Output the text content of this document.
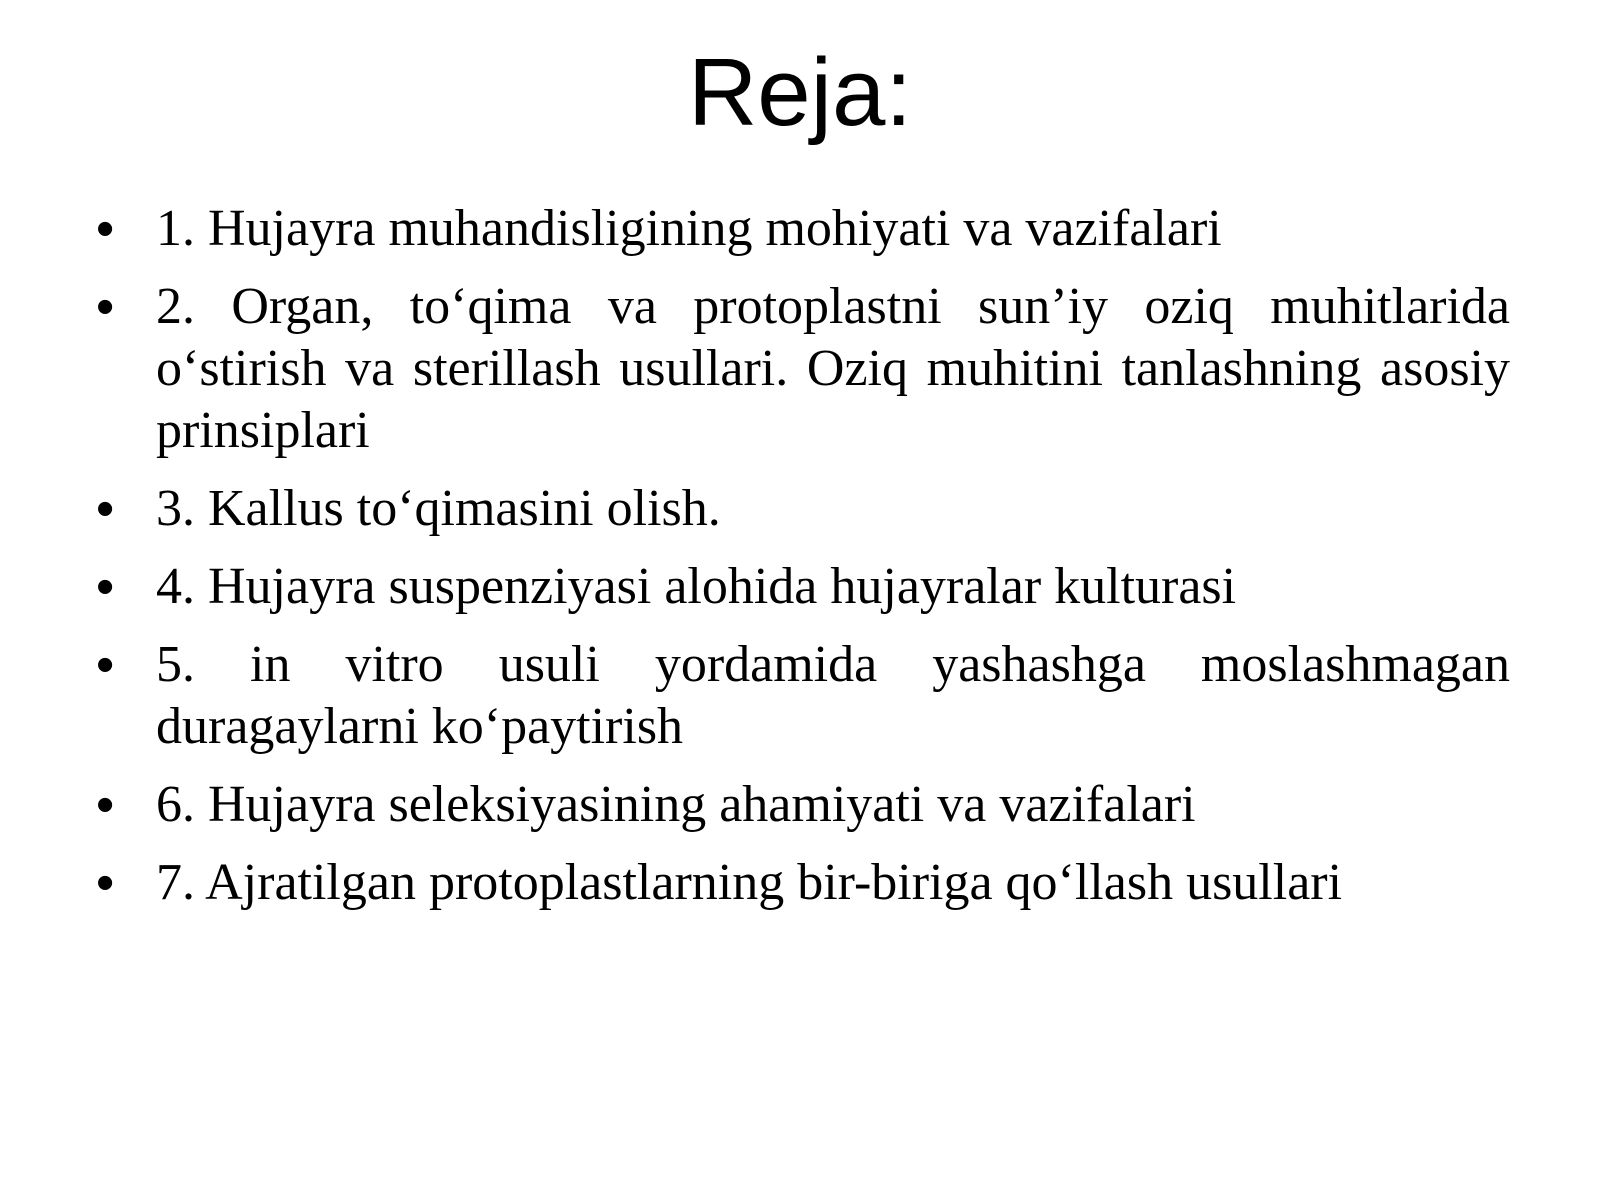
Reja:
• 1. Hujayra muhandisligining mohiyati va vazifalari
• 2. Organ, to‘qima va protoplastni sun’iy oziq muhitlarida o‘stirish va sterillash usullari. Oziq muhitini tanlashning asosiy prinsiplari
• 3. Kallus to‘qimasini olish.
• 4. Hujayra suspenziyasi alohida hujayralar kulturasi
• 5. in vitro usuli yordamida yashashga moslashmagan duragaylarni ko‘paytirish
• 6. Hujayra seleksiyasining ahamiyati va vazifalari
• 7. Ajratilgan protoplastlarning bir-biriga qo‘llash usullari
